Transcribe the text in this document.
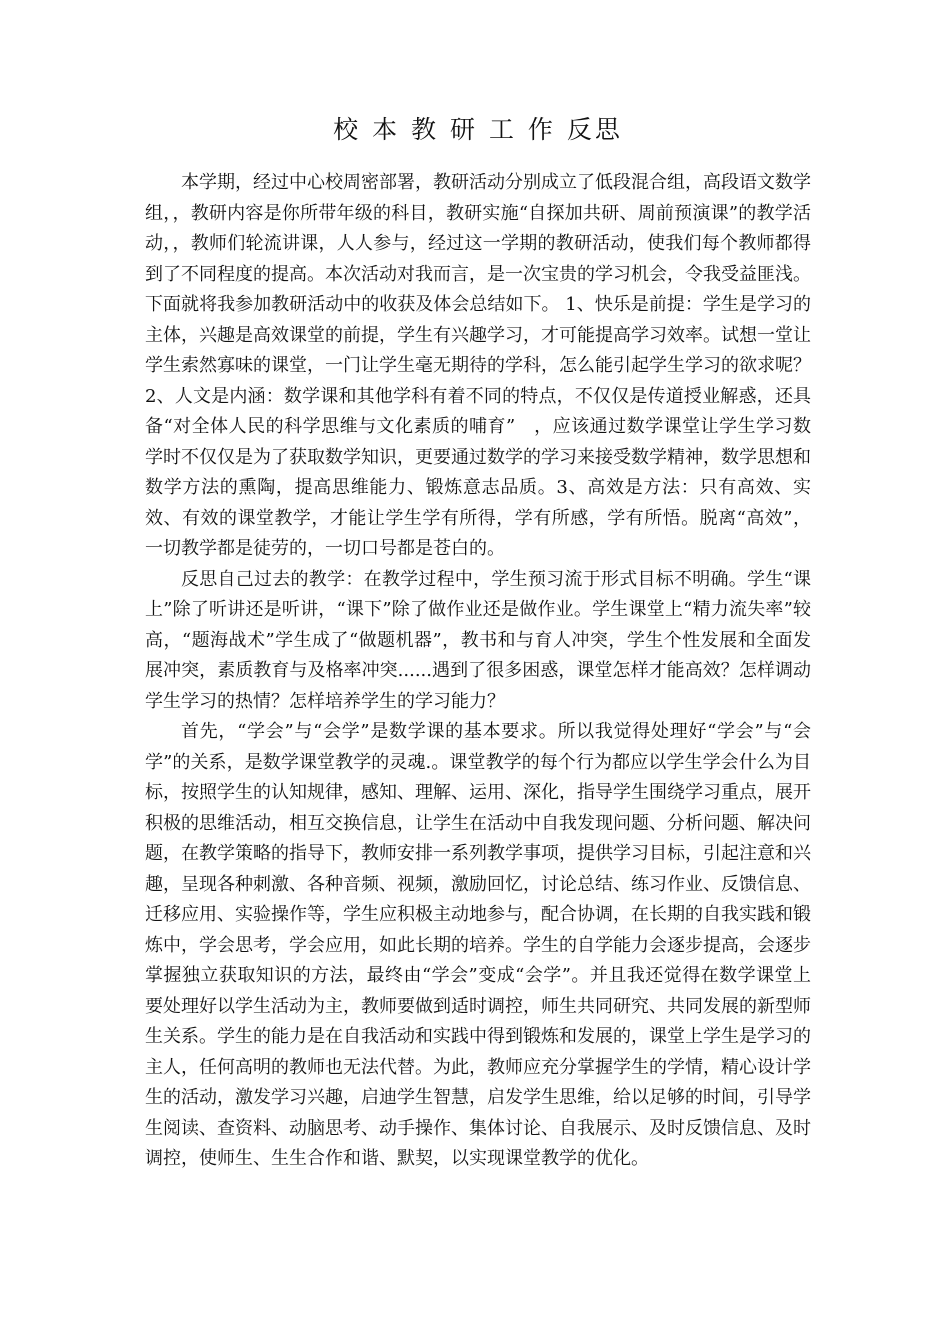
校 本 教 研 工 作 反思

本学期，经过中心校周密部署，教研活动分别成立了低段混合组，高段语文数学组，，教研内容是你所带年级的科目，教研实施“自探加共研、周前预演课”的教学活动，，教师们轮流讲课，人人参与，经过这一学期的教研活动，使我们每个教师都得到了不同程度的提高。本次活动对我而言，是一次宝贵的学习机会，令我受益匪浅。下面就将我参加教研活动中的收获及体会总结如下。 1、快乐是前提：学生是学习的主体，兴趣是高效课堂的前提，学生有兴趣学习，才可能提高学习效率。试想一堂让学生索然寡味的课堂，一门让学生毫无期待的学科，怎么能引起学生学习的欲求呢？ 2、人文是内涵：数学课和其他学科有着不同的特点，不仅仅是传道授业解惑，还具备“对全体人民的科学思维与文化素质的哺育”　，应该通过数学课堂让学生学习数学时不仅仅是为了获取数学知识，更要通过数学的学习来接受数学精神，数学思想和数学方法的熏陶，提高思维能力、锻炼意志品质。3、高效是方法：只有高效、实效、有效的课堂教学，才能让学生学有所得，学有所感，学有所悟。脱离“高效”，一切教学都是徒劳的，一切口号都是苍白的。

反思自己过去的教学：在教学过程中，学生预习流于形式目标不明确。学生“课上”除了听讲还是听讲，“课下”除了做作业还是做作业。学生课堂上“精力流失率”较高，“题海战术”学生成了“做题机器”，教书和与育人冲突，学生个性发展和全面发展冲突，素质教育与及格率冲突......遇到了很多困惑，课堂怎样才能高效？怎样调动学生学习的热情？怎样培养学生的学习能力？

首先，“学会”与“会学”是数学课的基本要求。所以我觉得处理好“学会”与“会学”的关系，是数学课堂教学的灵魂.。课堂教学的每个行为都应以学生学会什么为目标，按照学生的认知规律，感知、理解、运用、深化，指导学生围绕学习重点，展开积极的思维活动，相互交换信息，让学生在活动中自我发现问题、分析问题、解决问题，在教学策略的指导下，教师安排一系列教学事项，提供学习目标，引起注意和兴趣，呈现各种刺激、各种音频、视频，激励回忆，讨论总结、练习作业、反馈信息、迁移应用、实验操作等，学生应积极主动地参与，配合协调，在长期的自我实践和锻炼中，学会思考，学会应用，如此长期的培养。学生的自学能力会逐步提高，会逐步掌握独立获取知识的方法，最终由“学会”变成“会学”。并且我还觉得在数学课堂上要处理好以学生活动为主，教师要做到适时调控，师生共同研究、共同发展的新型师生关系。学生的能力是在自我活动和实践中得到锻炼和发展的，课堂上学生是学习的主人，任何高明的教师也无法代替。为此，教师应充分掌握学生的学情，精心设计学生的活动，激发学习兴趣，启迪学生智慧，启发学生思维，给以足够的时间，引导学生阅读、查资料、动脑思考、动手操作、集体讨论、自我展示、及时反馈信息、及时调控，使师生、生生合作和谐、默契，以实现课堂教学的优化。
